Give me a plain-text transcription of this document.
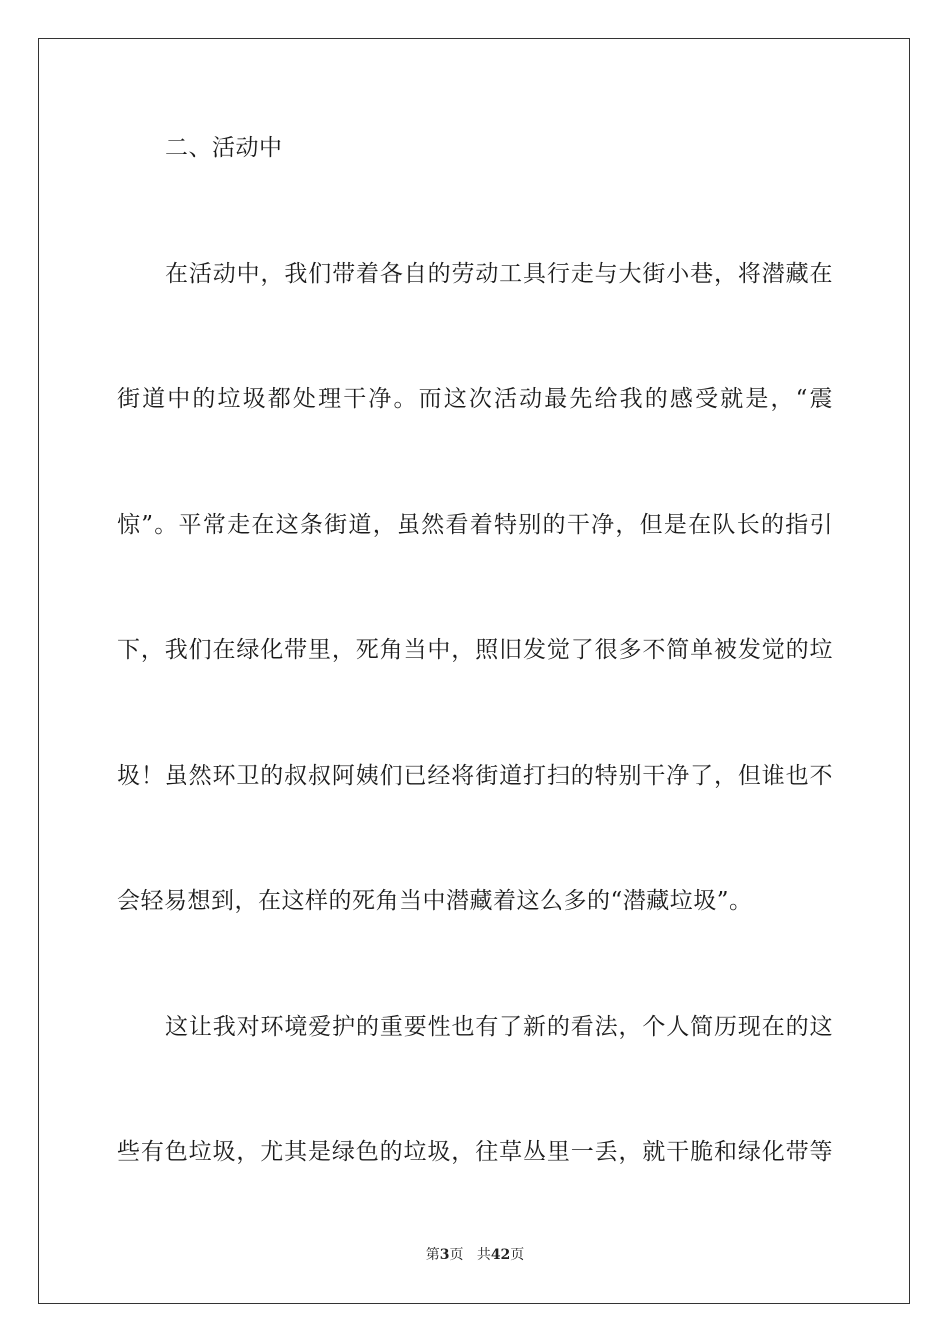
二、活动中
在活动中，我们带着各自的劳动工具行走与大街小巷，将潜藏在
街道中的垃圾都处理干净。而这次活动最先给我的感受就是，“震
惊”。平常走在这条街道，虽然看着特别的干净，但是在队长的指引
下，我们在绿化带里，死角当中，照旧发觉了很多不简单被发觉的垃
圾！虽然环卫的叔叔阿姨们已经将街道打扫的特别干净了，但谁也不
会轻易想到，在这样的死角当中潜藏着这么多的“潜藏垃圾”。
这让我对环境爱护的重要性也有了新的看法，个人简历现在的这
些有色垃圾，尤其是绿色的垃圾，往草丛里一丢，就干脆和绿化带等
第3页 共42页
